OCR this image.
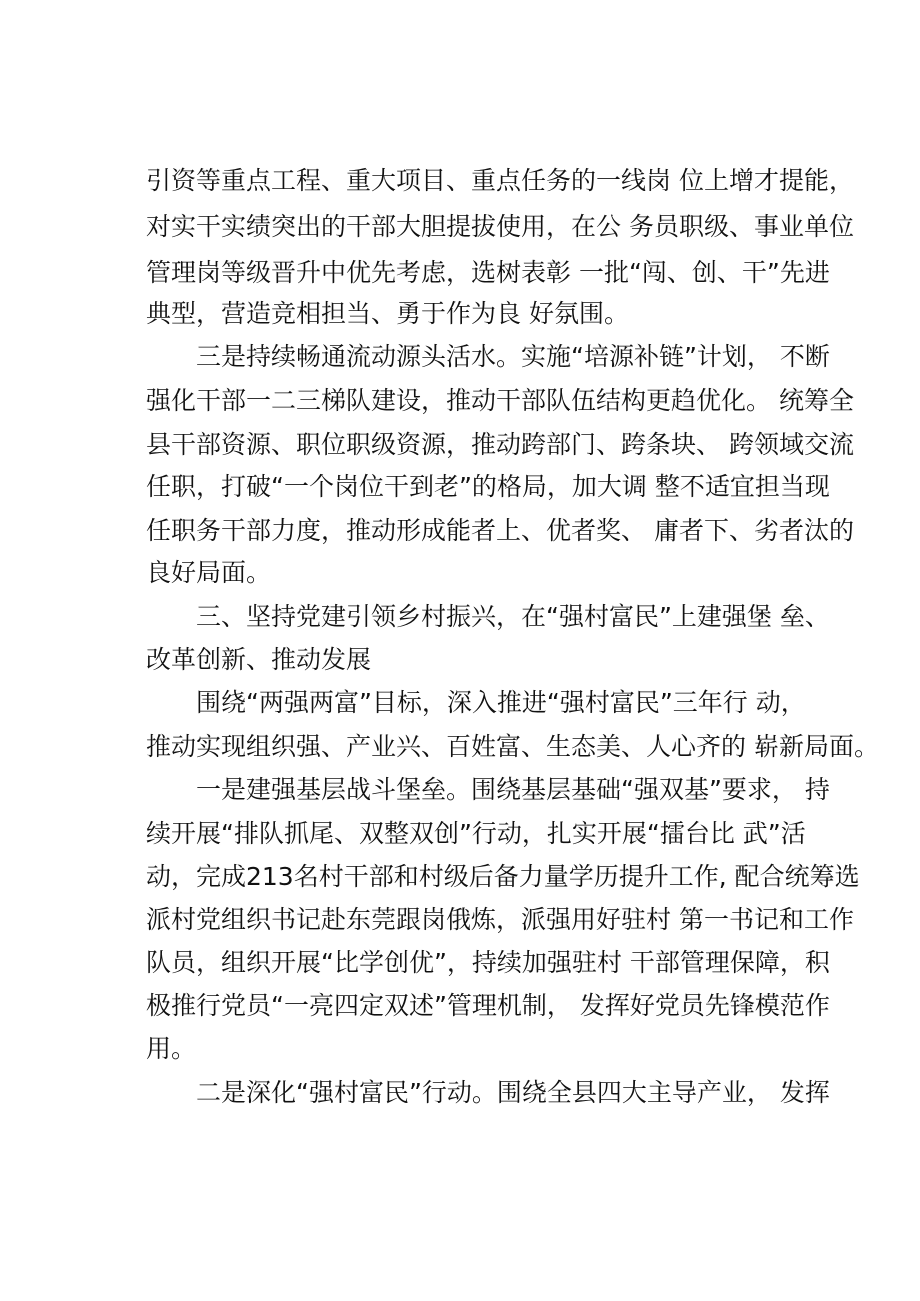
引资等重点工程、重大项目、重点任务的一线岗 位上增才提能，
对实干实绩突出的干部大胆提拔使用，在公 务员职级、事业单位
管理岗等级晋升中优先考虑，选树表彰 一批“闯、创、干”先进
典型，营造竞相担当、勇于作为良 好氛围。
三是持续畅通流动源头活水。实施“培源补链”计划， 不断
强化干部一二三梯队建设，推动干部队伍结构更趋优化。 统筹全
县干部资源、职位职级资源，推动跨部门、跨条块、 跨领域交流
任职，打破“一个岗位干到老”的格局，加大调 整不适宜担当现
任职务干部力度，推动形成能者上、优者奖、 庸者下、劣者汰的
良好局面。
三、坚持党建引领乡村振兴，在“强村富民”上建强堡 垒、
改革创新、推动发展
围绕“两强两富”目标，深入推进“强村富民”三年行 动，
推动实现组织强、产业兴、百姓富、生态美、人心齐的 崭新局面。
一是建强基层战斗堡垒。围绕基层基础“强双基”要求， 持
续开展“排队抓尾、双整双创”行动，扎实开展“擂台比 武”活
动，完成213名村干部和村级后备力量学历提升工作, 配合统筹选
派村党组织书记赴东莞跟岗俄炼，派强用好驻村 第一书记和工作
队员，组织开展“比学创优”，持续加强驻村 干部管理保障，积
极推行党员“一亮四定双述”管理机制， 发挥好党员先锋模范作
用。
二是深化“强村富民”行动。围绕全县四大主导产业， 发挥
